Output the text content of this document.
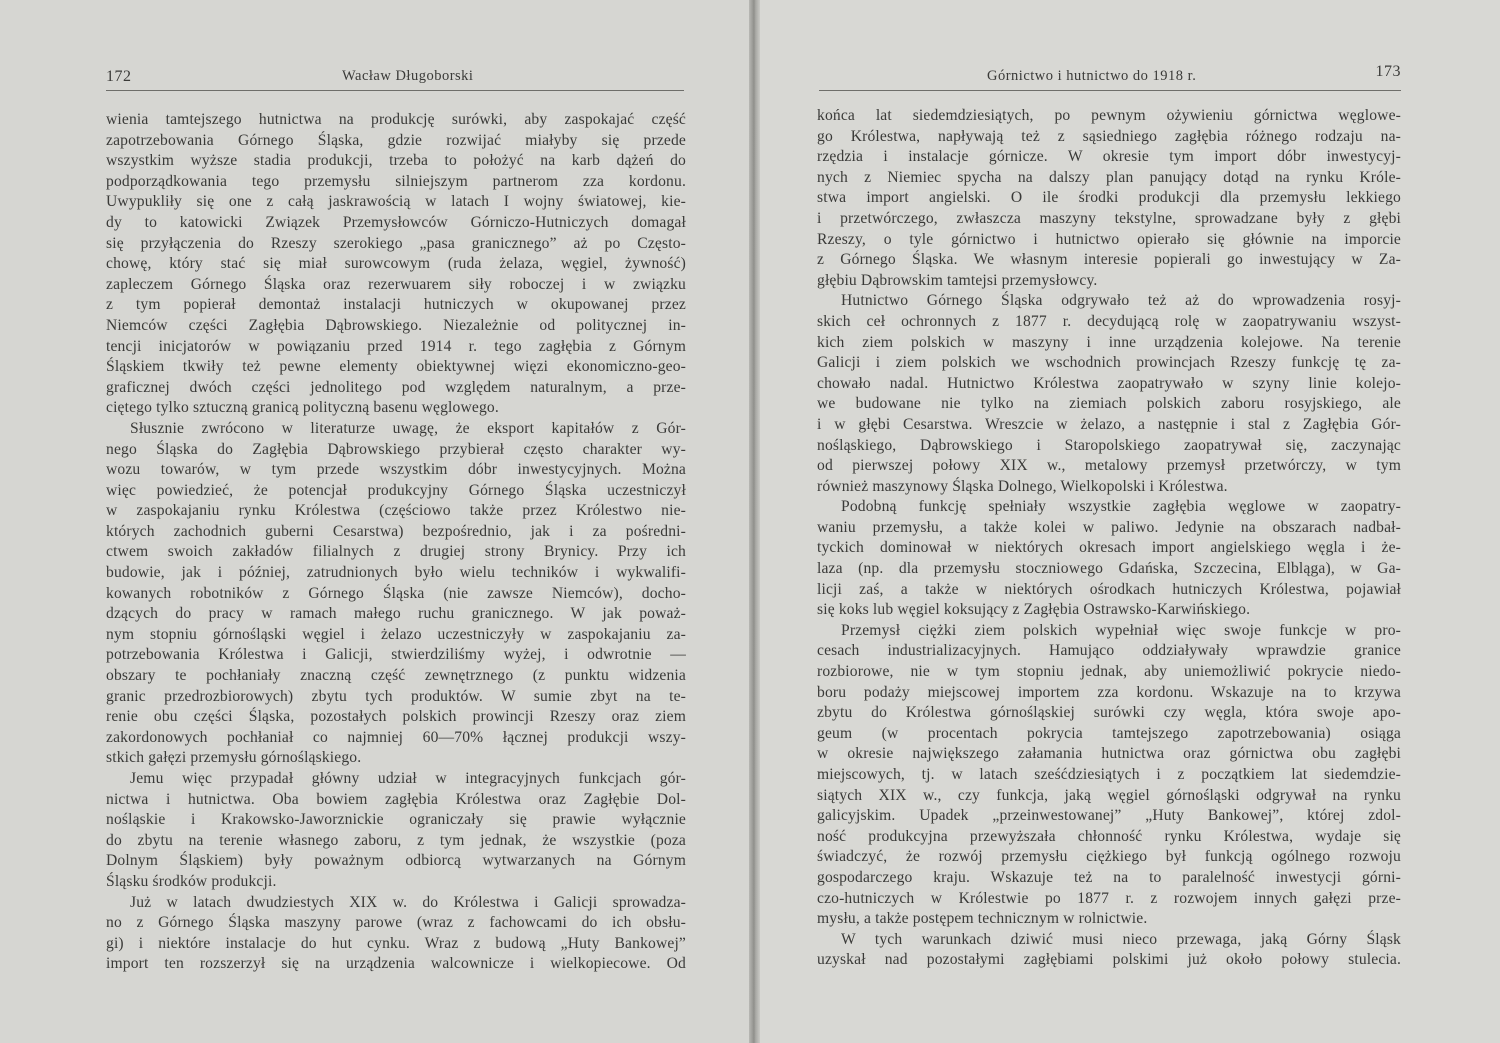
172	Wacław Długoborski
wienia tamtejszego hutnictwa na produkcję surówki, aby zaspokajać część
zapotrzebowania Górnego Śląska, gdzie rozwijać miałyby się przede
wszystkim wyższe stadia produkcji, trzeba to położyć na karb dążeń do
podporządkowania tego przemysłu silniejszym partnerom zza kordonu.
Uwypukliły się one z całą jaskrawością w latach I wojny światowej, kie-
dy to katowicki Związek Przemysłowców Górniczo-Hutniczych domagał
się przyłączenia do Rzeszy szerokiego „pasa granicznego” aż po Często-
chowę, który stać się miał surowcowym (ruda żelaza, węgiel, żywność)
zapleczem Górnego Śląska oraz rezerwuarem siły roboczej i w związku
z tym popierał demontaż instalacji hutniczych w okupowanej przez
Niemców części Zagłębia Dąbrowskiego. Niezależnie od politycznej in-
tencji inicjatorów w powiązaniu przed 1914 r. tego zagłębia z Górnym
Śląskiem tkwiły też pewne elementy obiektywnej więzi ekonomiczno-geo-
graficznej dwóch części jednolitego pod względem naturalnym, a prze-
ciętego tylko sztuczną granicą polityczną basenu węglowego.
Słusznie zwrócono w literaturze uwagę, że eksport kapitałów z Gór-
nego Śląska do Zagłębia Dąbrowskiego przybierał często charakter wy-
wozu towarów, w tym przede wszystkim dóbr inwestycyjnych. Można
więc powiedzieć, że potencjał produkcyjny Górnego Śląska uczestniczył
w zaspokajaniu rynku Królestwa (częściowo także przez Królestwo nie-
których zachodnich guberni Cesarstwa) bezpośrednio, jak i za pośredni-
ctwem swoich zakładów filialnych z drugiej strony Brynicy. Przy ich
budowie, jak i później, zatrudnionych było wielu techników i wykwalifi-
kowanych robotników z Górnego Śląska (nie zawsze Niemców), docho-
dzących do pracy w ramach małego ruchu granicznego. W jak poważ-
nym stopniu górnośląski węgiel i żelazo uczestniczyły w zaspokajaniu za-
potrzebowania Królestwa i Galicji, stwierdziliśmy wyżej, i odwrotnie —
obszary te pochłaniały znaczną część zewnętrznego (z punktu widzenia
granic przedrozbiorowych) zbytu tych produktów. W sumie zbyt na te-
renie obu części Śląska, pozostałych polskich prowincji Rzeszy oraz ziem
zakordonowych pochłaniał co najmniej 60—70% łącznej produkcji wszy-
stkich gałęzi przemysłu górnośląskiego.
Jemu więc przypadał główny udział w integracyjnych funkcjach gór-
nictwa i hutnictwa. Oba bowiem zagłębia Królestwa oraz Zagłębie Dol-
nośląskie i Krakowsko-Jaworznickie ograniczały się prawie wyłącznie
do zbytu na terenie własnego zaboru, z tym jednak, że wszystkie (poza
Dolnym Śląskiem) były poważnym odbiorcą wytwarzanych na Górnym
Śląsku środków produkcji.
Już w latach dwudziestych XIX w. do Królestwa i Galicji sprowadza-
no z Górnego Śląska maszyny parowe (wraz z fachowcami do ich obsłu-
gi) i niektóre instalacje do hut cynku. Wraz z budową „Huty Bankowej”
import ten rozszerzył się na urządzenia walcownicze i wielkopiecowe. Od
Górnictwo i hutnictwo do 1918 r.	173
końca lat siedemdziesiątych, po pewnym ożywieniu górnictwa węglowe-
go Królestwa, napływają też z sąsiedniego zagłębia różnego rodzaju na-
rzędzia i instalacje górnicze. W okresie tym import dóbr inwestycyj-
nych z Niemiec spycha na dalszy plan panujący dotąd na rynku Króle-
stwa import angielski. O ile środki produkcji dla przemysłu lekkiego
i przetwórczego, zwłaszcza maszyny tekstylne, sprowadzane były z głębi
Rzeszy, o tyle górnictwo i hutnictwo opierało się głównie na imporcie
z Górnego Śląska. We własnym interesie popierali go inwestujący w Za-
głębiu Dąbrowskim tamtejsi przemysłowcy.
Hutnictwo Górnego Śląska odgrywało też aż do wprowadzenia rosyj-
skich ceł ochronnych z 1877 r. decydującą rolę w zaopatrywaniu wszyst-
kich ziem polskich w maszyny i inne urządzenia kolejowe. Na terenie
Galicji i ziem polskich we wschodnich prowincjach Rzeszy funkcję tę za-
chowało nadal. Hutnictwo Królestwa zaopatrywało w szyny linie kolejo-
we budowane nie tylko na ziemiach polskich zaboru rosyjskiego, ale
i w głębi Cesarstwa. Wreszcie w żelazo, a następnie i stal z Zagłębia Gór-
nośląskiego, Dąbrowskiego i Staropolskiego zaopatrywał się, zaczynając
od pierwszej połowy XIX w., metalowy przemysł przetwórczy, w tym
również maszynowy Śląska Dolnego, Wielkopolski i Królestwa.
Podobną funkcję spełniały wszystkie zagłębia węglowe w zaopatry-
waniu przemysłu, a także kolei w paliwo. Jedynie na obszarach nadbał-
tyckich dominował w niektórych okresach import angielskiego węgla i że-
laza (np. dla przemysłu stoczniowego Gdańska, Szczecina, Elbląga), w Ga-
licji zaś, a także w niektórych ośrodkach hutniczych Królestwa, pojawiał
się koks lub węgiel koksujący z Zagłębia Ostrawsko-Karwińskiego.
Przemysł ciężki ziem polskich wypełniał więc swoje funkcje w pro-
cesach industrializacyjnych. Hamująco oddziaływały wprawdzie granice
rozbiorowe, nie w tym stopniu jednak, aby uniemożliwić pokrycie niedo-
boru podaży miejscowej importem zza kordonu. Wskazuje na to krzywa
zbytu do Królestwa górnośląskiej surówki czy węgla, która swoje apo-
geum (w procentach pokrycia tamtejszego zapotrzebowania) osiąga
w okresie największego załamania hutnictwa oraz górnictwa obu zagłębi
miejscowych, tj. w latach sześćdziesiątych i z początkiem lat siedemdzie-
siątych XIX w., czy funkcja, jaką węgiel górnośląski odgrywał na rynku
galicyjskim. Upadek „przeinwestowanej” „Huty Bankowej”, której zdol-
ność produkcyjna przewyższała chłonność rynku Królestwa, wydaje się
świadczyć, że rozwój przemysłu ciężkiego był funkcją ogólnego rozwoju
gospodarczego kraju. Wskazuje też na to paralelność inwestycji górni-
czo-hutniczych w Królestwie po 1877 r. z rozwojem innych gałęzi prze-
mysłu, a także postępem technicznym w rolnictwie.
W tych warunkach dziwić musi nieco przewaga, jaką Górny Śląsk
uzyskał nad pozostałymi zagłębiami polskimi już około połowy stulecia.
